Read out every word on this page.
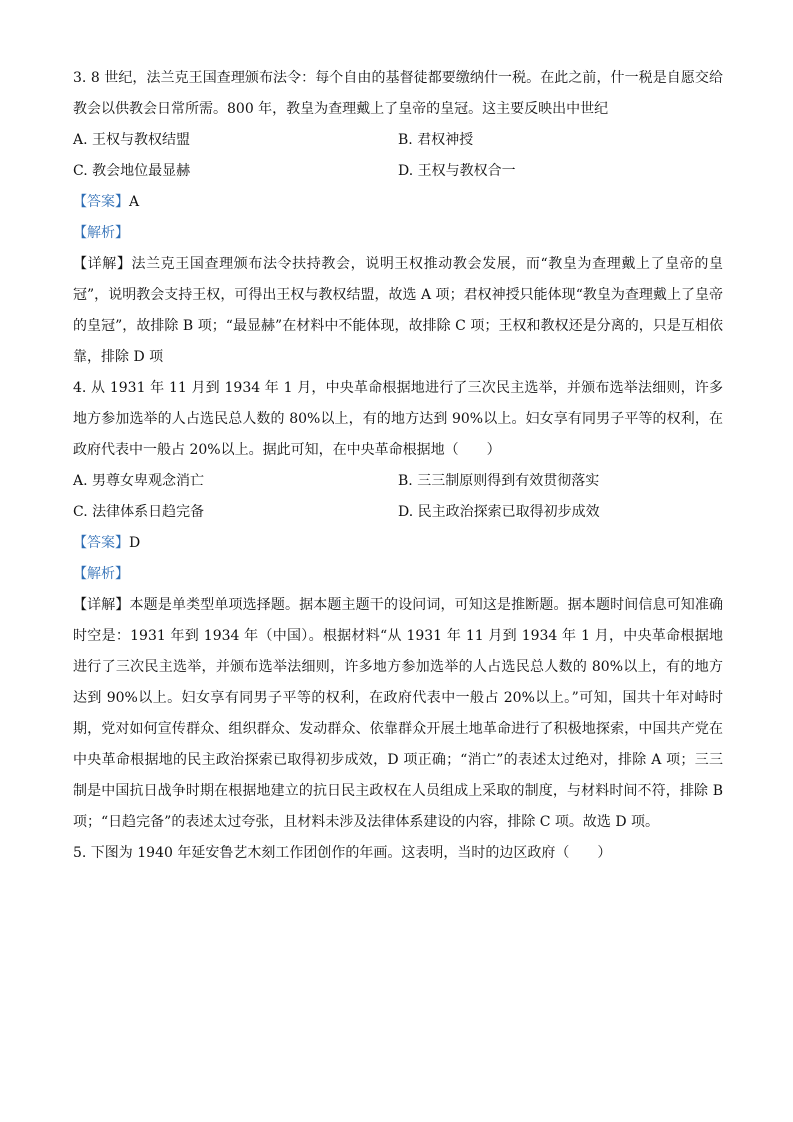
3. 8 世纪，法兰克王国查理颁布法令：每个自由的基督徒都要缴纳什一税。在此之前，什一税是自愿交给教会以供教会日常所需。800 年，教皇为查理戴上了皇帝的皇冠。这主要反映出中世纪
A. 王权与教权结盟	B. 君权神授
C. 教会地位最显赫	D. 王权与教权合一
【答案】A
【解析】
【详解】法兰克王国查理颁布法令扶持教会，说明王权推动教会发展，而“教皇为查理戴上了皇帝的皇冠”，说明教会支持王权，可得出王权与教权结盟，故选 A 项；君权神授只能体现“教皇为查理戴上了皇帝的皇冠”，故排除 B 项；“最显赫”在材料中不能体现，故排除 C 项；王权和教权还是分离的，只是互相依靠，排除 D 项
4. 从 1931 年 11 月到 1934 年 1 月，中央革命根据地进行了三次民主选举，并颁布选举法细则，许多地方参加选举的人占选民总人数的 80%以上，有的地方达到 90%以上。妇女享有同男子平等的权利，在政府代表中一般占 20%以上。据此可知，在中央革命根据地（　　）
A. 男尊女卑观念消亡	B. 三三制原则得到有效贯彻落实
C. 法律体系日趋完备	D. 民主政治探索已取得初步成效
【答案】D
【解析】
【详解】本题是单类型单项选择题。据本题主题干的设问词，可知这是推断题。据本题时间信息可知准确时空是：1931 年到 1934 年（中国）。根据材料“从 1931 年 11 月到 1934 年 1 月，中央革命根据地进行了三次民主选举，并颁布选举法细则，许多地方参加选举的人占选民总人数的 80%以上，有的地方达到 90%以上。妇女享有同男子平等的权利，在政府代表中一般占 20%以上。”可知，国共十年对峙时期，党对如何宣传群众、组织群众、发动群众、依靠群众开展土地革命进行了积极地探索，中国共产党在中央革命根据地的民主政治探索已取得初步成效，D 项正确；“消亡”的表述太过绝对，排除 A 项；三三制是中国抗日战争时期在根据地建立的抗日民主政权在人员组成上采取的制度，与材料时间不符，排除 B 项；“日趋完备”的表述太过夸张，且材料未涉及法律体系建设的内容，排除 C 项。故选 D 项。
5. 下图为 1940 年延安鲁艺木刻工作团创作的年画。这表明，当时的边区政府（　　）
